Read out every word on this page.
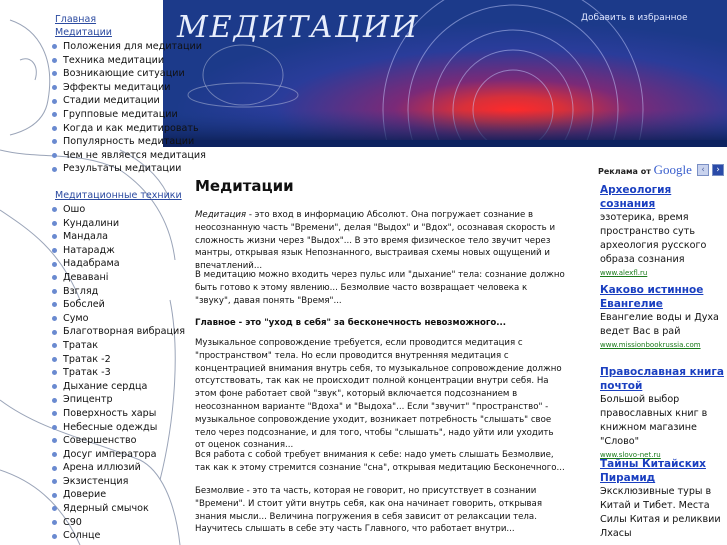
МЕДИТАЦИИ	Добавить в избранное
Главная
Медитации
Положения для медитации
Техника медитации
Возникающие ситуации
Эффекты медитации
Стадии медитации
Групповые медитации
Когда и как медитировать
Популярность медитации
Чем не является медитация
Результаты медитации
Медитационные техники
Ошо
Кундалини
Мандала
Натарадж
Надабрама
Деваванi
Взгляд
Бобслей
Сумо
Благотворная вибрация
Тратак
Тратак -2
Тратак -3
Дыхание сердца
Эпицентр
Поверхность хары
Небесные одежды
Совершенство
Досуг императора
Арена иллюзий
Экзистенция
Доверие
Ядерный смычок
С90
Солнце
Медитации
Медитация - это вход в информацию Абсолют. Она погружает сознание в неосознанную часть "Времени", делая "Выдох" и "Вдох", осознавая скорость и сложность жизни через "Выдох"... В это время физическое тело звучит через мантры, открывая язык Непознанного, выстраивая схемы новых ощущений и впечатлений...
В медитацию можно входить через пульс или "дыхание" тела: сознание должно быть готово к этому явлению... Безмолвие часто возвращает человека к "звуку", давая понять "Время"...
Главное - это "уход в себя" за бесконечность невозможного...
Музыкальное сопровождение требуется, если проводится медитация с "пространством" тела. Но если проводится внутренняя медитация с концентрацией внимания внутрь себя, то музыкальное сопровождение должно отсутствовать, так как не происходит полной концентрации внутри себя. На этом фоне работает свой "звук", который включается подсознанием в неосознанном варианте "Вдоха" и "Выдоха"... Если "звучит" "пространство" - музыкальное сопровождение уходит, возникает потребность "слышать" свое тело через подсознание, и для того, чтобы "слышать", надо уйти или уходить от оценок сознания...
Вся работа с собой требует внимания к себе: надо уметь слышать Безмолвие, так как к этому стремится сознание "сна", открывая медитацию Бесконечного...
Безмолвие - это та часть, которая не говорит, но присутствует в сознании "Времени". И стоит уйти внутрь себя, как она начинает говорить, открывая знания мысли... Величина погружения в себя зависит от релаксации тела. Научитесь слышать в себе эту часть Главного, что работает внутри...
Реклама от Google	‹	›
Археология сознания
эзотерика, время пространство суть археология русского образа сознания
www.alexfl.ru
Каково истинное Евангелие
Евангелие воды и Духа ведет Вас в рай
www.missionbookrussia.com
Православная книга почтой
Большой выбор православных книг в книжном магазине "Слово"
www.slovo-net.ru
Тайны Китайских Пирамид
Эксклюзивные туры в Китай и Тибет. Места Силы Китая и реликвии Лхасы
